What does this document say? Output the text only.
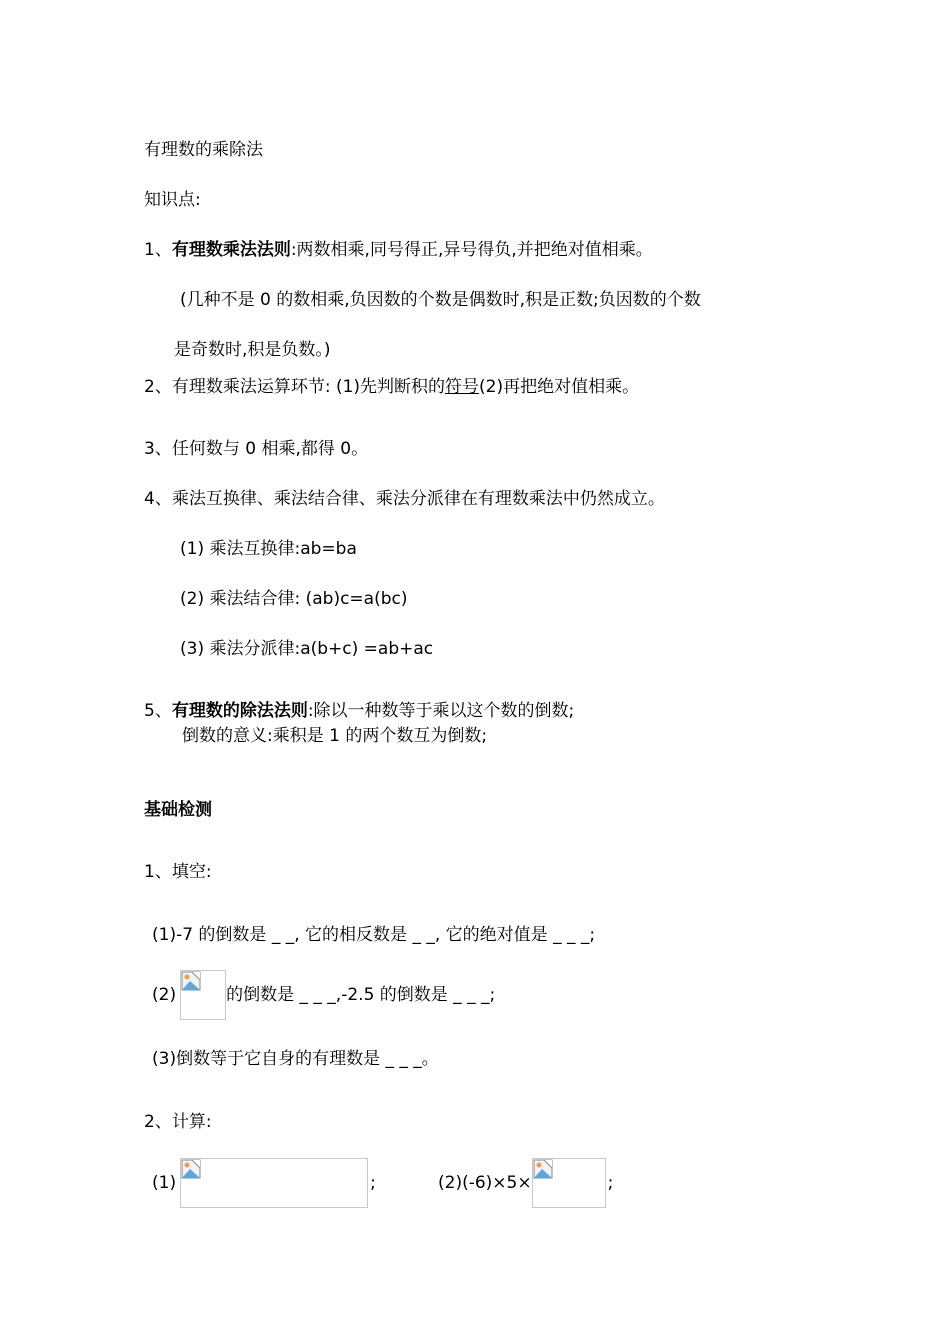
有理数的乘除法
知识点:
1、有理数乘法法则:两数相乘,同号得正,异号得负,并把绝对值相乘。
(几种不是 0 的数相乘,负因数的个数是偶数时,积是正数;负因数的个数
是奇数时,积是负数。)
2、有理数乘法运算环节: (1)先判断积的符号(2)再把绝对值相乘。
3、任何数与 0 相乘,都得 0。
4、乘法互换律、乘法结合律、乘法分派律在有理数乘法中仍然成立。
(1) 乘法互换律:ab=ba
(2) 乘法结合律: (ab)c=a(bc)
(3) 乘法分派律:a(b+c) =ab+ac
5、有理数的除法法则:除以一种数等于乘以这个数的倒数;
倒数的意义:乘积是 1 的两个数互为倒数;
基础检测
1、填空:
(1)-7 的倒数是 _ _, 它的相反数是 _ _, 它的绝对值是 _ _ _;
(2)	的倒数是 _ _ _,-2.5 的倒数是 _ _ _;
(3)倒数等于它自身的有理数是 _ _ _。
2、计算:
(1)	;	(2)(-6)×5×	;
